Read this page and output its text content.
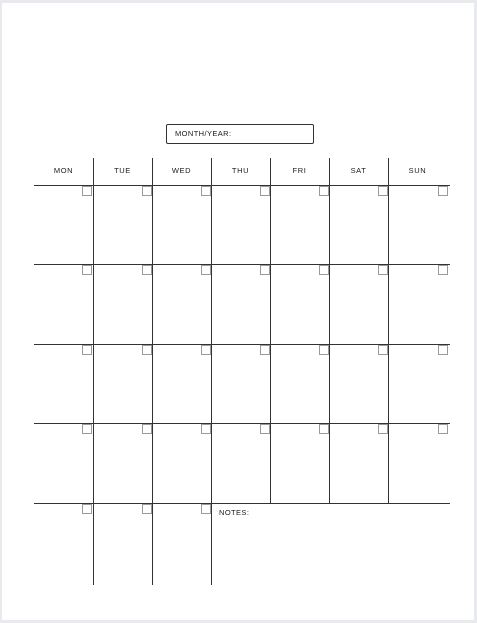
MONTH/YEAR:
MON	TUE	WED	THU	FRI	SAT	SUN
NOTES:
